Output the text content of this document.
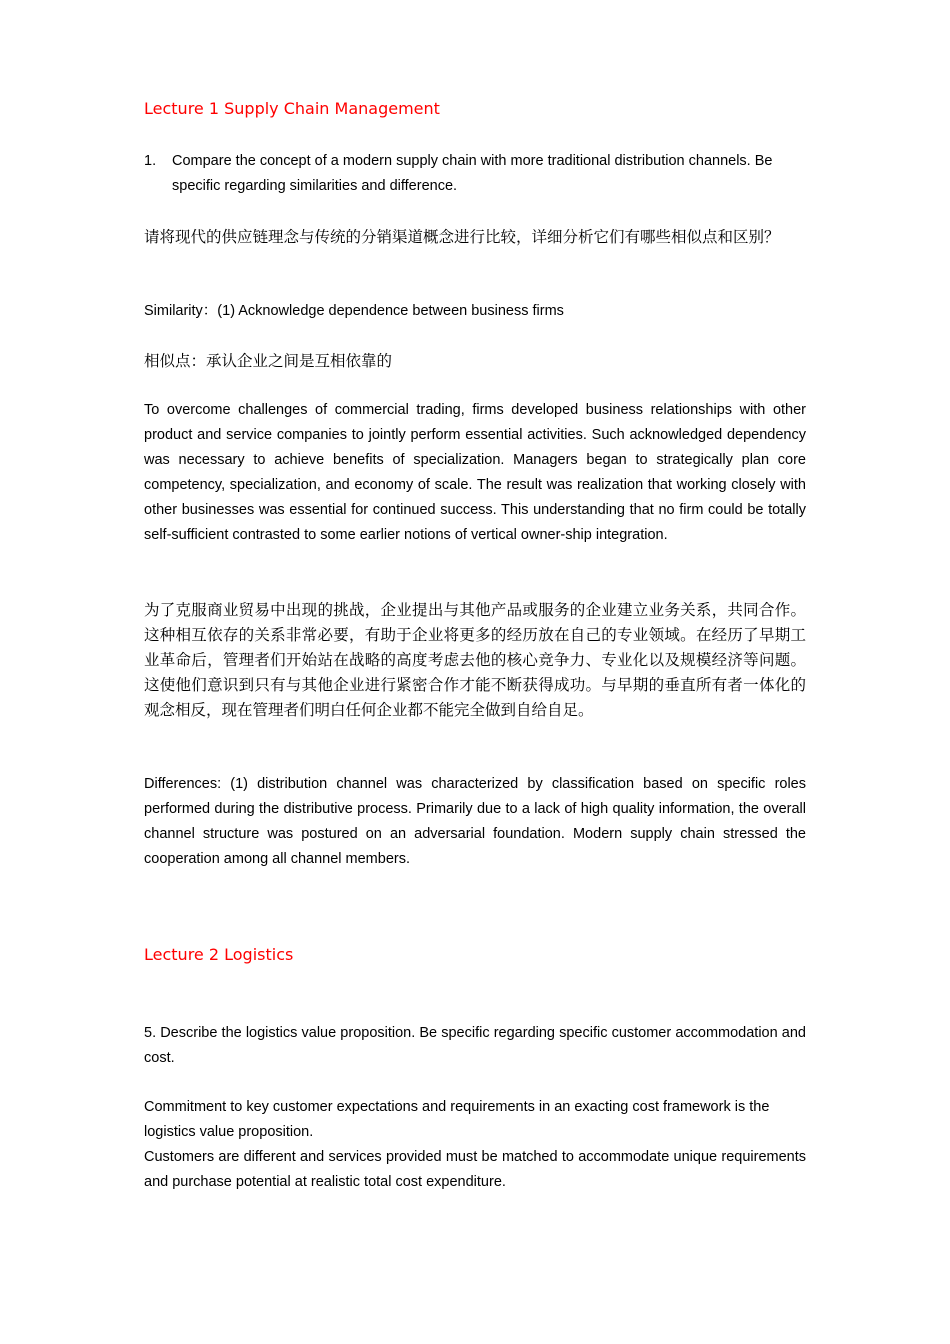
Lecture 1 Supply Chain Management
1.	Compare the concept of a modern supply chain with more traditional distribution channels. Be specific regarding similarities and difference.

请将现代的供应链理念与传统的分销渠道概念进行比较，详细分析它们有哪些相似点和区别？

Similarity：(1) Acknowledge dependence between business firms

相似点：承认企业之间是互相依靠的

To overcome challenges of commercial trading, firms developed business relationships with other product and service companies to jointly perform essential activities. Such acknowledged dependency was necessary to achieve benefits of specialization. Managers began to strategically plan core competency, specialization, and economy of scale. The result was realization that working closely with other businesses was essential for continued success. This understanding that no firm could be totally self-sufficient contrasted to some earlier notions of vertical owner-ship integration.

为了克服商业贸易中出现的挑战，企业提出与其他产品或服务的企业建立业务关系，共同合作。这种相互依存的关系非常必要，有助于企业将更多的经历放在自己的专业领域。在经历了早期工业革命后，管理者们开始站在战略的高度考虑去他的核心竞争力、专业化以及规模经济等问题。这使他们意识到只有与其他企业进行紧密合作才能不断获得成功。与早期的垂直所有者一体化的观念相反，现在管理者们明白任何企业都不能完全做到自给自足。

Differences: (1) distribution channel was characterized by classification based on specific roles performed during the distributive process. Primarily due to a lack of high quality information, the overall channel structure was postured on an adversarial foundation. Modern supply chain stressed the cooperation among all channel members.

Lecture 2 Logistics

5. Describe the logistics value proposition. Be specific regarding specific customer accommodation and cost.

Commitment to key customer expectations and requirements in an exacting cost framework is the logistics value proposition.

Customers are different and services provided must be matched to accommodate unique requirements and purchase potential at realistic total cost expenditure.
